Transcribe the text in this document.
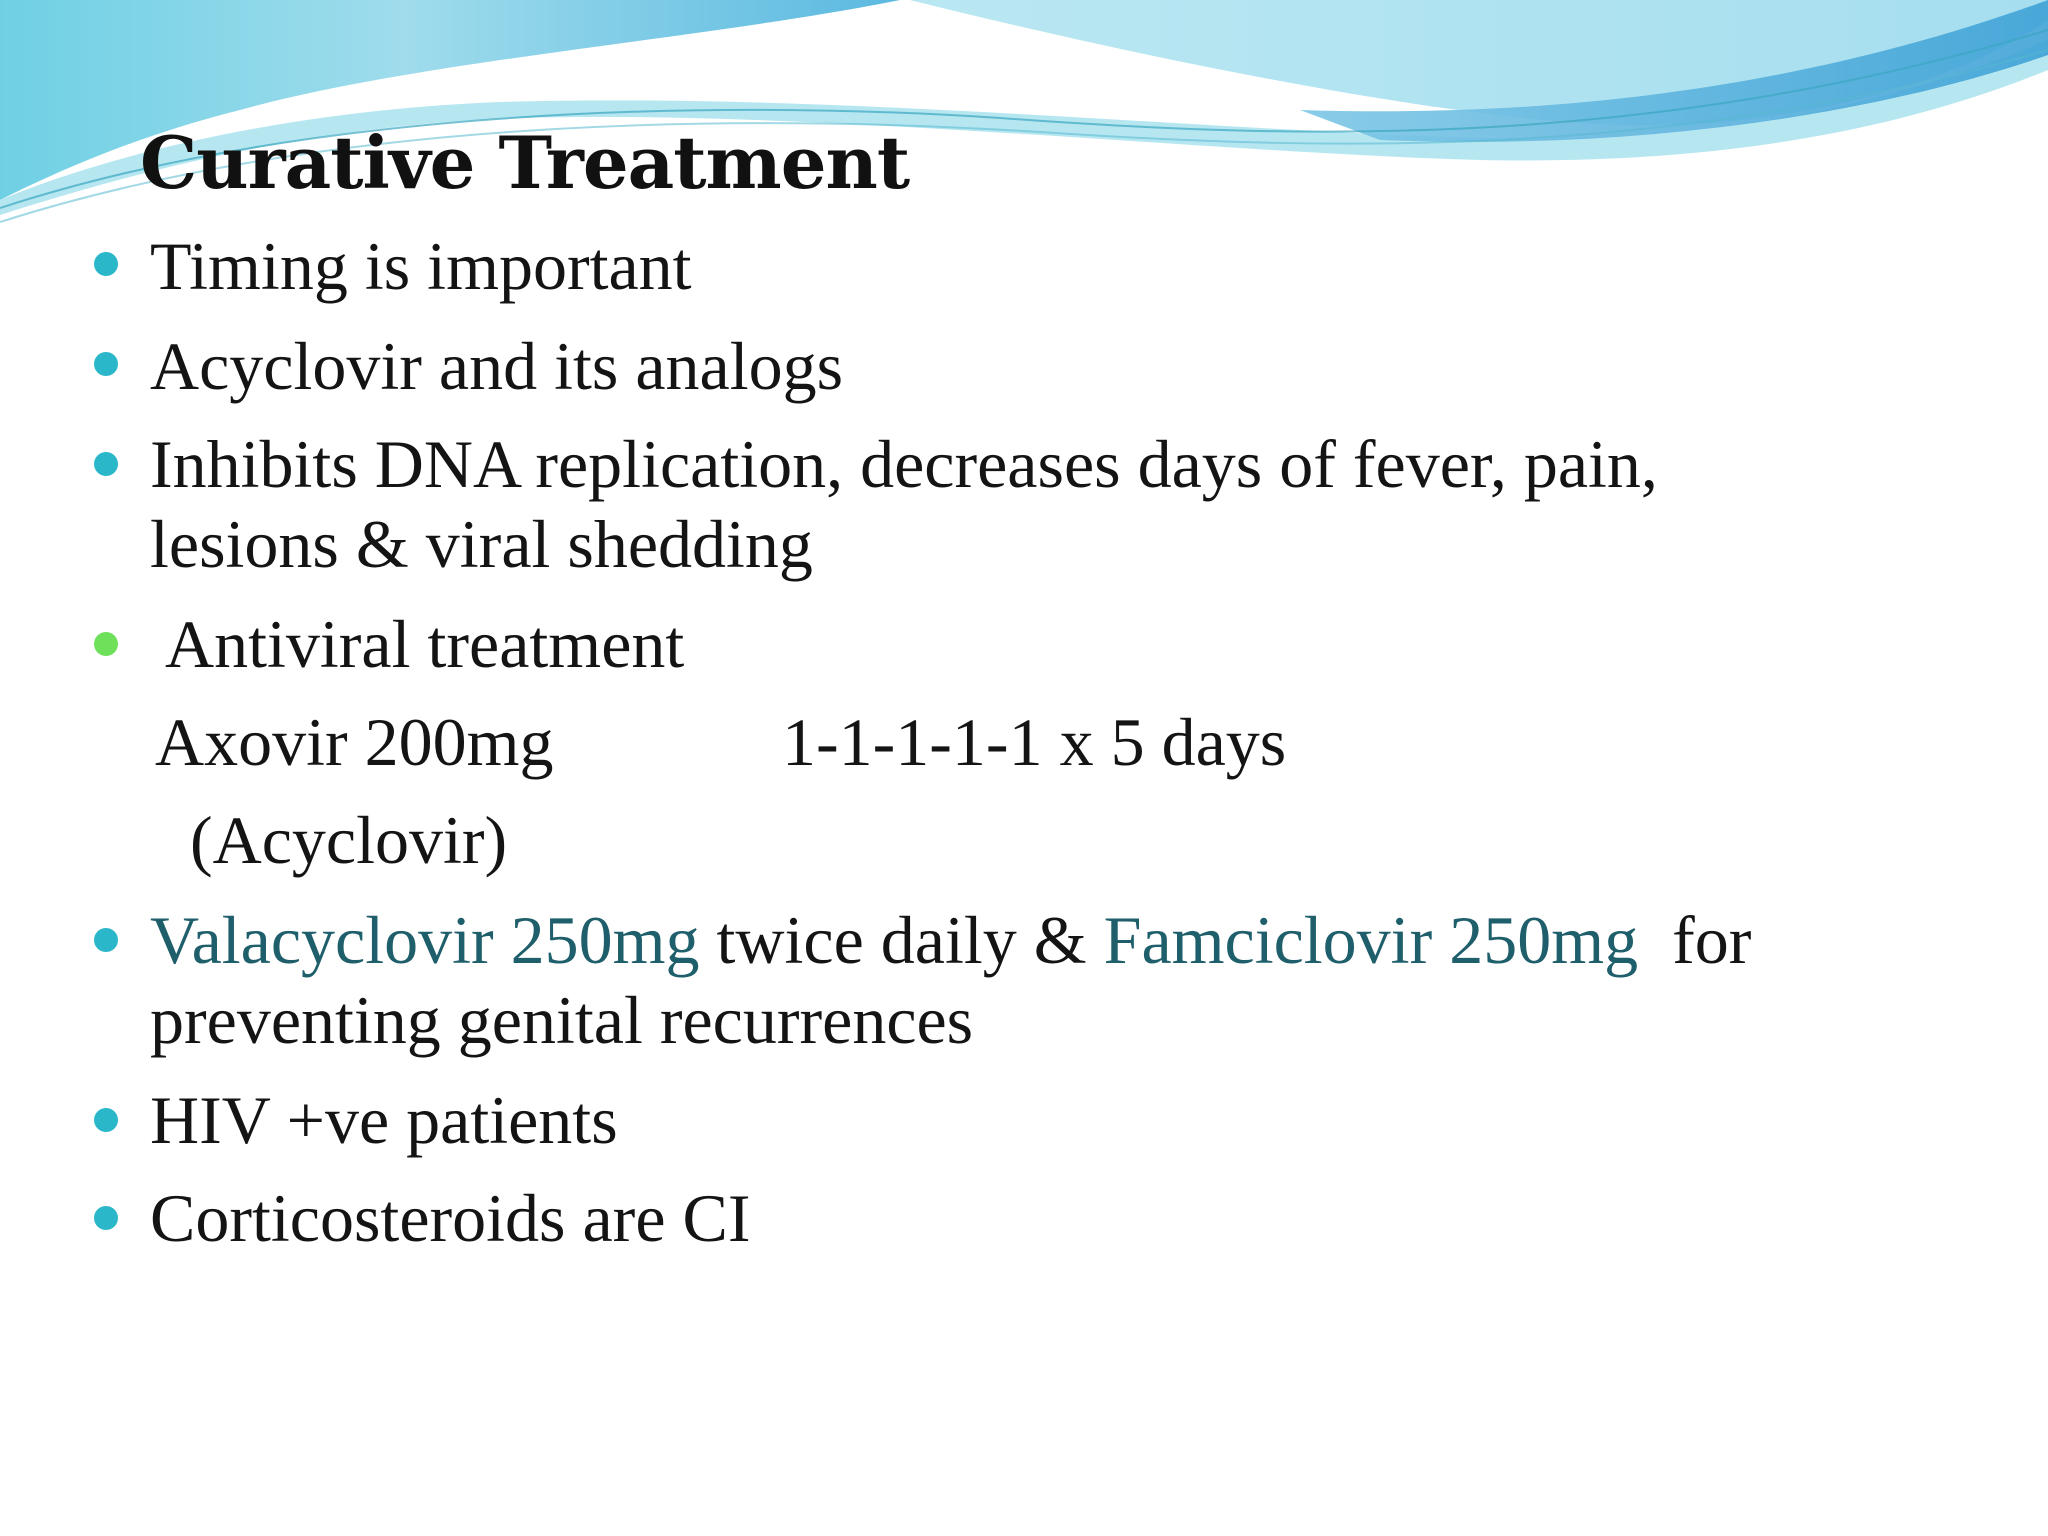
Curative Treatment
Timing is important
Acyclovir and its analogs
Inhibits DNA replication, decreases days of fever, pain,
lesions & viral shedding
Antiviral treatment
Axovir 200mg	1-1-1-1-1 x 5 days
(Acyclovir)
Valacyclovir 250mg twice daily & Famciclovir 250mg  for
preventing genital recurrences
HIV +ve patients
Corticosteroids are CI
